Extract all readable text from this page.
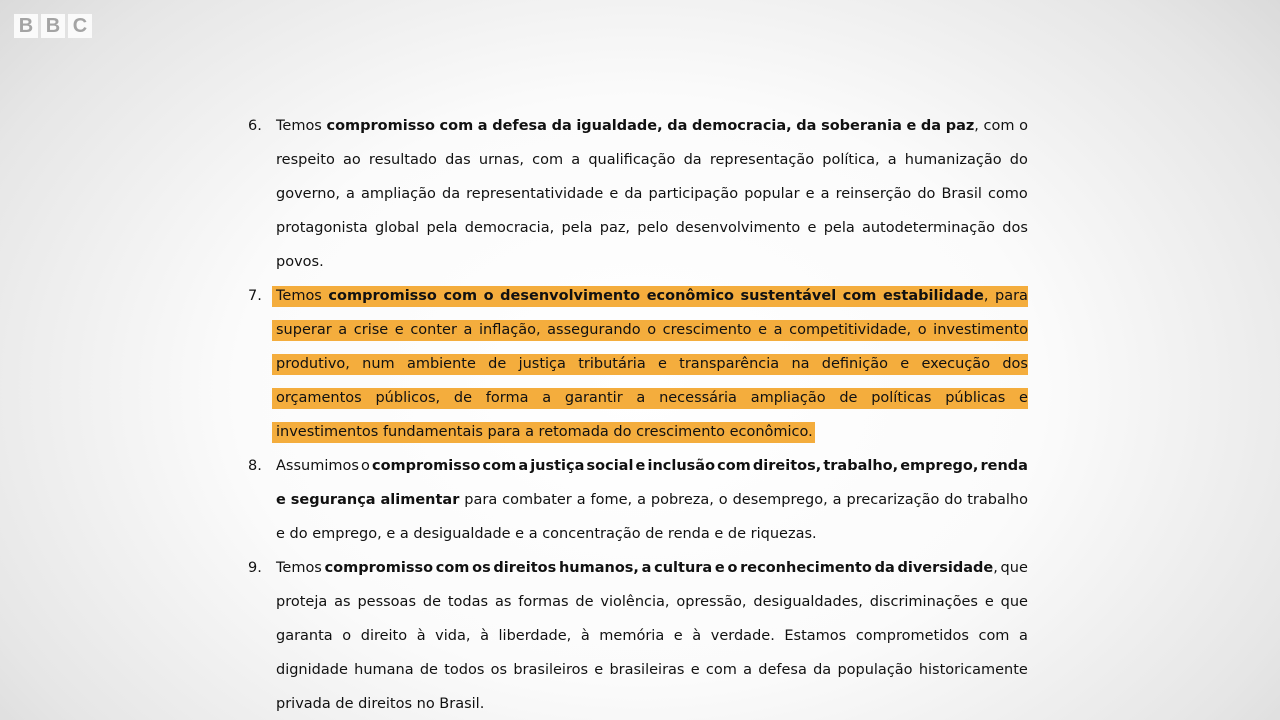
B B C
6. Temos compromisso com a defesa da igualdade, da democracia, da soberania e da paz, com o
respeito ao resultado das urnas, com a qualificação da representação política, a humanização do
governo, a ampliação da representatividade e da participação popular e a reinserção do Brasil como
protagonista global pela democracia, pela paz, pelo desenvolvimento e pela autodeterminação dos
povos.
7. Temos compromisso com o desenvolvimento econômico sustentável com estabilidade, para
superar a crise e conter a inflação, assegurando o crescimento e a competitividade, o investimento
produtivo, num ambiente de justiça tributária e transparência na definição e execução dos
orçamentos públicos, de forma a garantir a necessária ampliação de políticas públicas e
investimentos fundamentais para a retomada do crescimento econômico.
8. Assumimos o compromisso com a justiça social e inclusão com direitos, trabalho, emprego, renda
e segurança alimentar para combater a fome, a pobreza, o desemprego, a precarização do trabalho
e do emprego, e a desigualdade e a concentração de renda e de riquezas.
9. Temos compromisso com os direitos humanos, a cultura e o reconhecimento da diversidade, que
proteja as pessoas de todas as formas de violência, opressão, desigualdades, discriminações e que
garanta o direito à vida, à liberdade, à memória e à verdade. Estamos comprometidos com a
dignidade humana de todos os brasileiros e brasileiras e com a defesa da população historicamente
privada de direitos no Brasil.
